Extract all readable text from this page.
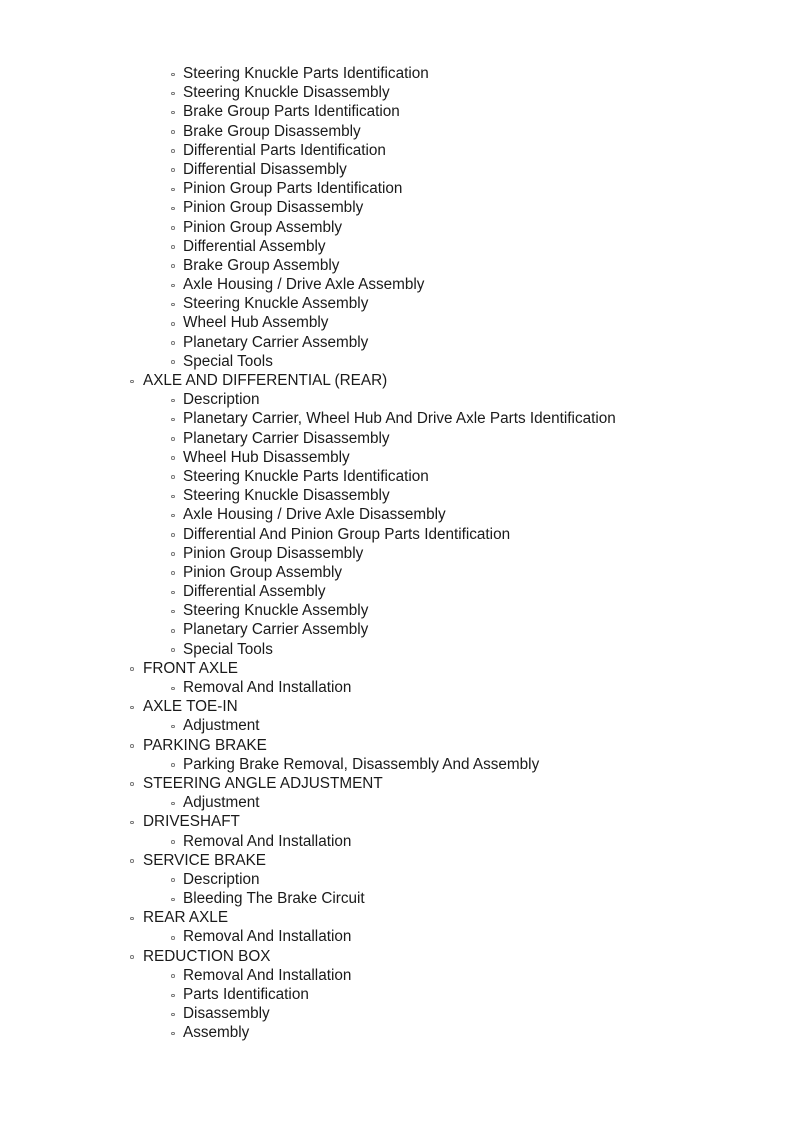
Steering Knuckle Parts Identification
Steering Knuckle Disassembly
Brake Group Parts Identification
Brake Group Disassembly
Differential Parts Identification
Differential Disassembly
Pinion Group Parts Identification
Pinion Group Disassembly
Pinion Group Assembly
Differential Assembly
Brake Group Assembly
Axle Housing / Drive Axle Assembly
Steering Knuckle Assembly
Wheel Hub Assembly
Planetary Carrier Assembly
Special Tools
AXLE AND DIFFERENTIAL (REAR)
Description
Planetary Carrier, Wheel Hub And Drive Axle Parts Identification
Planetary Carrier Disassembly
Wheel Hub Disassembly
Steering Knuckle Parts Identification
Steering Knuckle Disassembly
Axle Housing / Drive Axle Disassembly
Differential And Pinion Group Parts Identification
Pinion Group Disassembly
Pinion Group Assembly
Differential Assembly
Steering Knuckle Assembly
Planetary Carrier Assembly
Special Tools
FRONT AXLE
Removal And Installation
AXLE TOE-IN
Adjustment
PARKING BRAKE
Parking Brake Removal, Disassembly And Assembly
STEERING ANGLE ADJUSTMENT
Adjustment
DRIVESHAFT
Removal And Installation
SERVICE BRAKE
Description
Bleeding The Brake Circuit
REAR AXLE
Removal And Installation
REDUCTION BOX
Removal And Installation
Parts Identification
Disassembly
Assembly
